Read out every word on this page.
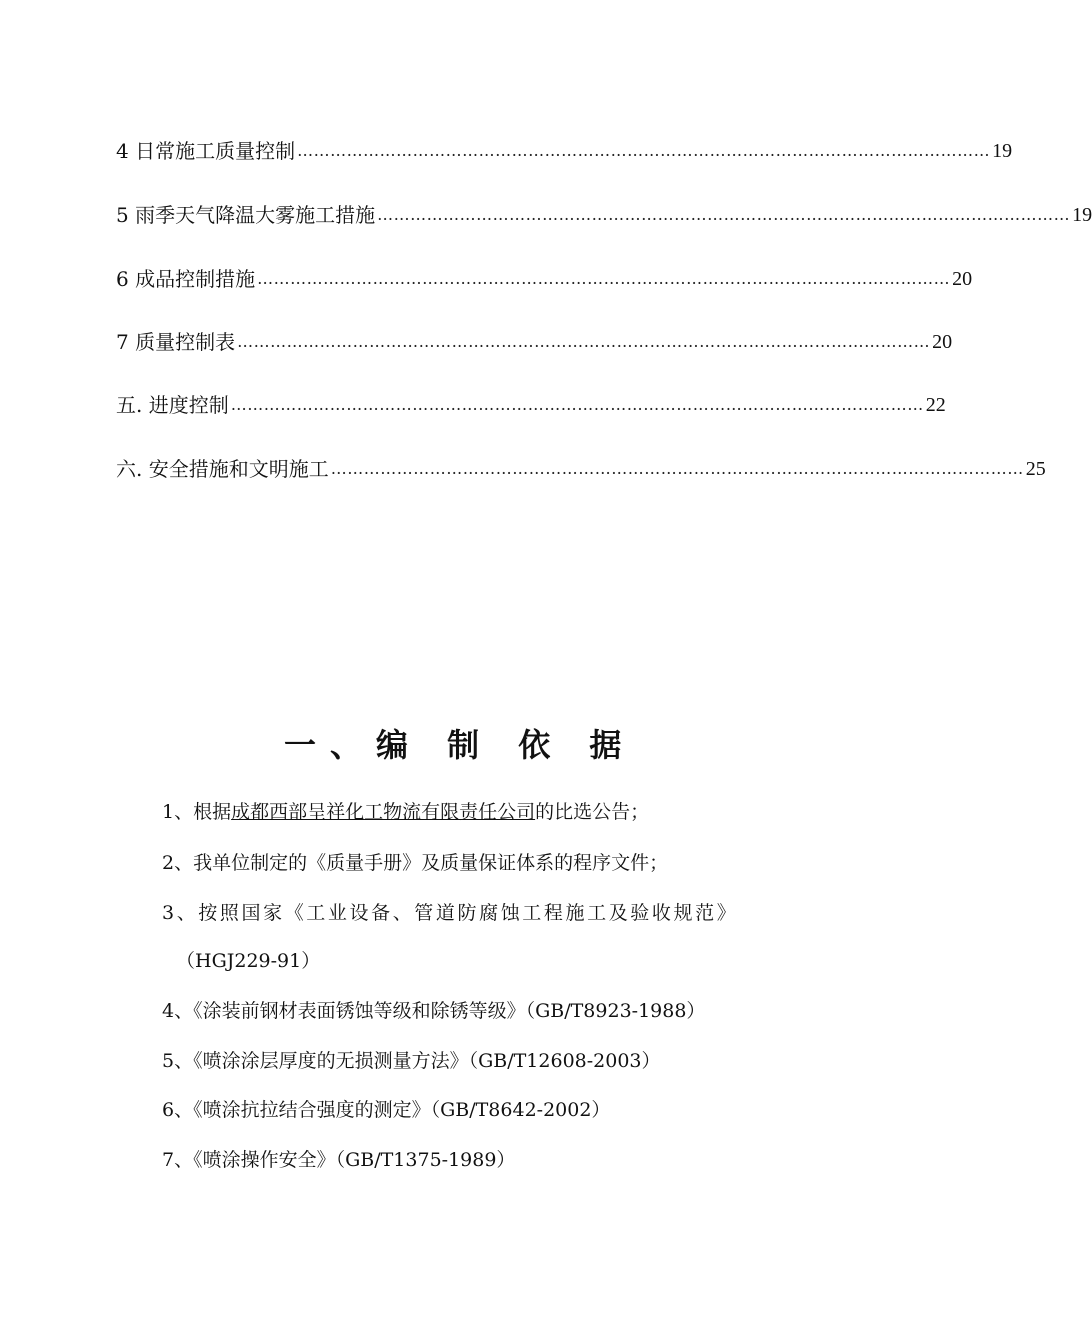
4 日常施工质量控制 ……………………………………………………………………………………………………………… 19
5 雨季天气降温大雾施工措施 ……………………………………………………………………………………………………………… 19
6 成品控制措施 ……………………………………………………………………………………………………………… 20
7 质量控制表 ……………………………………………………………………………………………………………… 20
五. 进度控制 ……………………………………………………………………………………………………………… 22
六. 安全措施和文明施工 ……………………………………………………………………………………………………………… 25
一、编 制 依 据
1、根据成都西部呈祥化工物流有限责任公司的比选公告；
2、我单位制定的《质量手册》及质量保证体系的程序文件；
3、按照国家《工业设备、管道防腐蚀工程施工及验收规范》
（HGJ229-91）
4、《涂装前钢材表面锈蚀等级和除锈等级》（GB/T8923-1988）
5、《喷涂涂层厚度的无损测量方法》（GB/T12608-2003）
6、《喷涂抗拉结合强度的测定》（GB/T8642-2002）
7、《喷涂操作安全》（GB/T1375-1989）
